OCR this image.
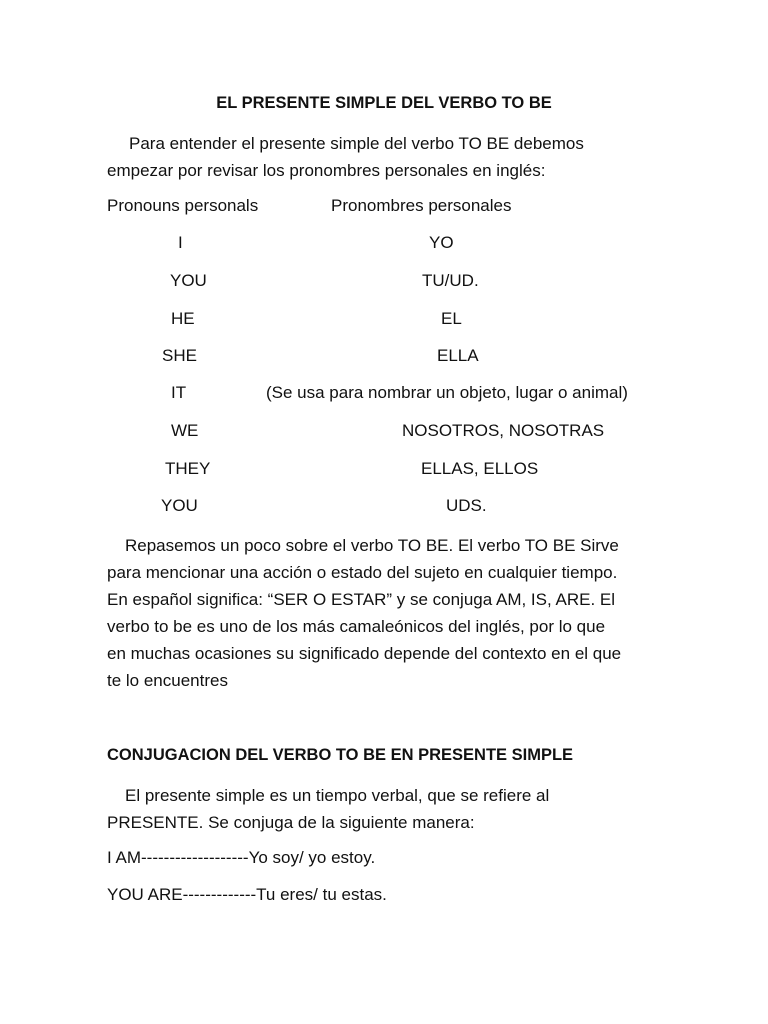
EL PRESENTE SIMPLE DEL VERBO TO BE
Para entender el presente simple del verbo TO BE debemos
empezar por revisar los pronombres personales en inglés:
Pronouns personals	Pronombres personales
I	YO
YOU	TU/UD.
HE	EL
SHE	ELLA
IT	(Se usa para nombrar un objeto, lugar o animal)
WE	NOSOTROS, NOSOTRAS
THEY	ELLAS, ELLOS
YOU	UDS.
Repasemos un poco sobre el verbo TO BE. El verbo TO BE Sirve
para mencionar una acción o estado del sujeto en cualquier tiempo.
En español significa: “SER O ESTAR” y se conjuga AM, IS, ARE. El
verbo to be es uno de los más camaleónicos del inglés, por lo que
en muchas ocasiones su significado depende del contexto en el que
te lo encuentres
CONJUGACION DEL VERBO TO BE EN PRESENTE SIMPLE
El presente simple es un tiempo verbal, que se refiere al
PRESENTE. Se conjuga de la siguiente manera:
I AM-------------------Yo soy/ yo estoy.
YOU ARE-------------Tu eres/ tu estas.
